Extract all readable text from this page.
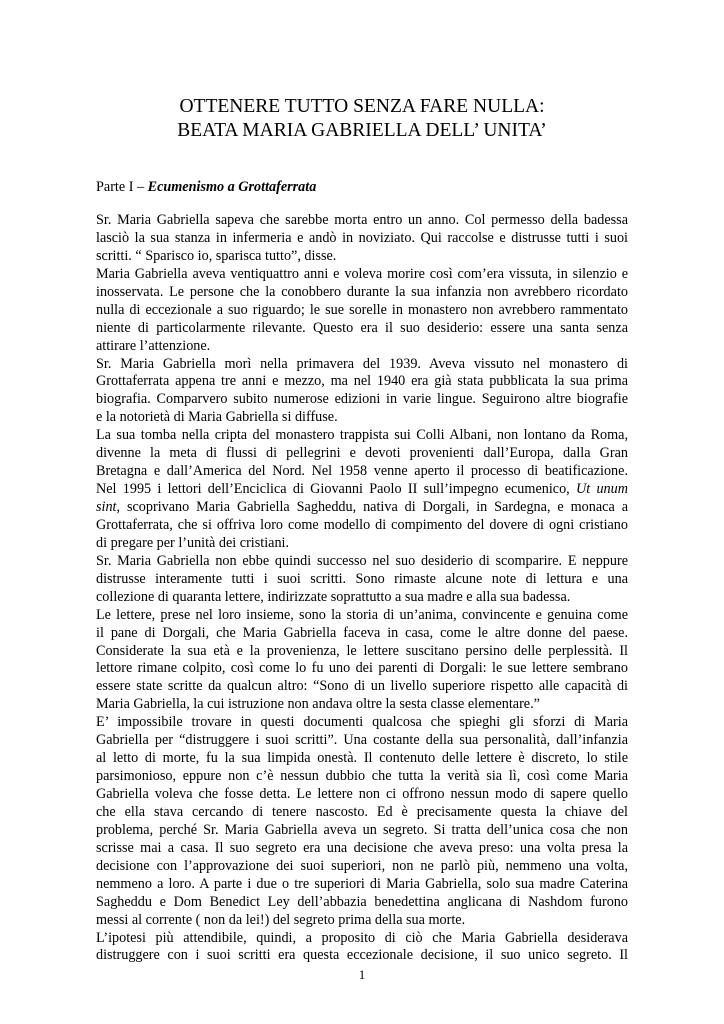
OTTENERE TUTTO SENZA FARE NULLA:
BEATA MARIA GABRIELLA DELL’ UNITA’
Parte I – Ecumenismo a Grottaferrata
Sr. Maria Gabriella sapeva che sarebbe morta entro un anno. Col permesso della badessa
lasciò la sua stanza in infermeria e andò in noviziato. Qui raccolse e distrusse tutti i suoi
scritti. “ Sparisco io, sparisca tutto”, disse.
Maria Gabriella aveva ventiquattro anni e voleva morire così com’era vissuta, in silenzio e
inosservata. Le persone che la conobbero durante la sua infanzia non avrebbero ricordato
nulla di eccezionale a suo riguardo; le sue sorelle in monastero non avrebbero rammentato
niente di particolarmente rilevante. Questo era il suo desiderio: essere una santa senza
attirare l’attenzione.
Sr. Maria Gabriella morì nella primavera del 1939. Aveva vissuto nel monastero di
Grottaferrata appena tre anni e mezzo, ma nel 1940 era già stata pubblicata la sua prima
biografia. Comparvero subito numerose edizioni in varie lingue. Seguirono altre biografie
e la notorietà di Maria Gabriella si diffuse.
La sua tomba nella cripta del monastero trappista sui Colli Albani, non lontano da Roma,
divenne la meta di flussi di pellegrini e devoti provenienti dall’Europa, dalla Gran
Bretagna e dall’America del Nord. Nel 1958 venne aperto il processo di beatificazione.
Nel 1995 i lettori dell’Enciclica di Giovanni Paolo II sull’impegno ecumenico, Ut unum
sint, scoprivano Maria Gabriella Sagheddu, nativa di Dorgali, in Sardegna, e monaca a
Grottaferrata, che si offriva loro come modello di compimento del dovere di ogni cristiano
di pregare per l’unità dei cristiani.
Sr. Maria Gabriella non ebbe quindi successo nel suo desiderio di scomparire. E neppure
distrusse interamente tutti i suoi scritti. Sono rimaste alcune note di lettura e una
collezione di quaranta lettere, indirizzate soprattutto a sua madre e alla sua badessa.
Le lettere, prese nel loro insieme, sono la storia di un’anima, convincente e genuina come
il pane di Dorgali, che Maria Gabriella faceva in casa, come le altre donne del paese.
Considerate la sua età e la provenienza, le lettere suscitano persino delle perplessità. Il
lettore rimane colpito, così come lo fu uno dei parenti di Dorgali: le sue lettere sembrano
essere state scritte da qualcun altro: “Sono di un livello superiore rispetto alle capacità di
Maria Gabriella, la cui istruzione non andava oltre la sesta classe elementare.”
E’ impossibile trovare in questi documenti qualcosa che spieghi gli sforzi di Maria
Gabriella per “distruggere i suoi scritti”. Una costante della sua personalità, dall’infanzia
al letto di morte, fu la sua limpida onestà. Il contenuto delle lettere è discreto, lo stile
parsimonioso, eppure non c’è nessun dubbio che tutta la verità sia lì, così come Maria
Gabriella voleva che fosse detta. Le lettere non ci offrono nessun modo di sapere quello
che ella stava cercando di tenere nascosto. Ed è precisamente questa la chiave del
problema, perché Sr. Maria Gabriella aveva un segreto. Si tratta dell’unica cosa che non
scrisse mai a casa. Il suo segreto era una decisione che aveva preso: una volta presa la
decisione con l’approvazione dei suoi superiori, non ne parlò più, nemmeno una volta,
nemmeno a loro. A parte i due o tre superiori di Maria Gabriella, solo sua madre Caterina
Sagheddu e Dom Benedict Ley dell’abbazia benedettina anglicana di Nashdom furono
messi al corrente ( non da lei!) del segreto prima della sua morte.
L’ipotesi più attendibile, quindi, a proposito di ciò che Maria Gabriella desiderava
distruggere con i suoi scritti era questa eccezionale decisione, il suo unico segreto. Il
1
